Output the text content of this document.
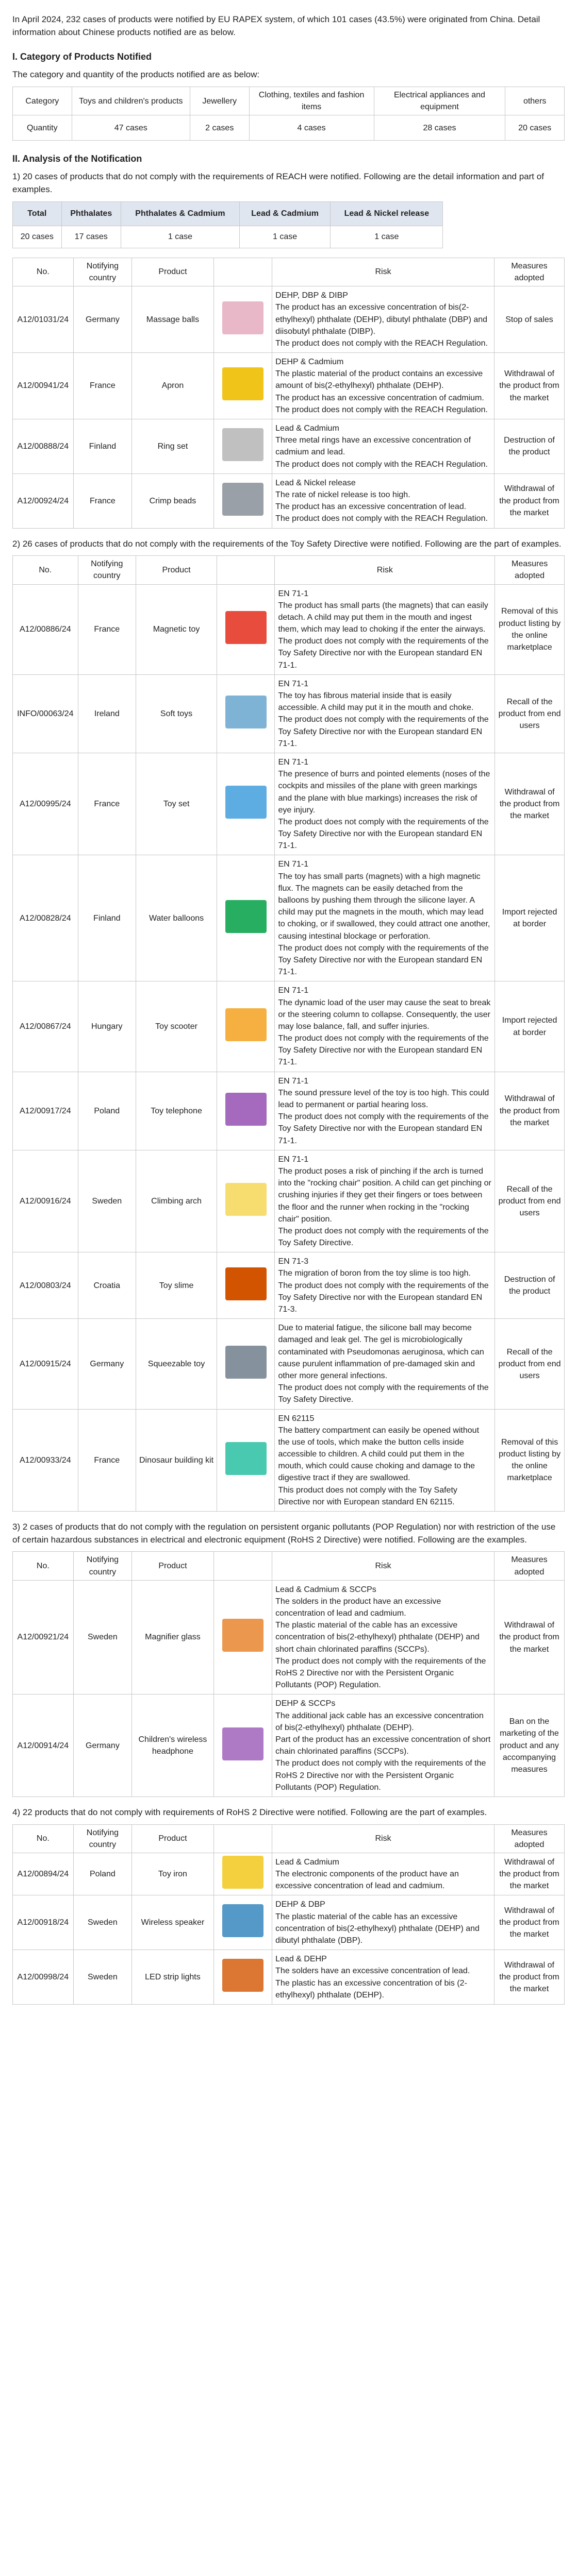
In April 2024, 232 cases of products were notified by EU RAPEX system, of which 101 cases (43.5%) were originated from China. Detail information about Chinese products notified are as below.

I. Category of Products Notified

The category and quantity of the products notified are as below:

Category	Toys and children's products	Jewellery	Clothing, textiles and fashion items	Electrical appliances and equipment	others
Quantity	47 cases	2 cases	4 cases	28 cases	20 cases
II. Analysis of the Notification

1) 20 cases of products that do not comply with the requirements of REACH were notified. Following are the detail information and part of examples.

Total	Phthalates	Phthalates & Cadmium	Lead & Cadmium	Lead & Nickel release
20 cases	17 cases	1 case	1 case	1 case
No.	Notifying country	Product		Risk	Measures adopted
A12/01031/24	Germany	Massage balls		DEHP, DBP & DIBP
The product has an excessive concentration of bis(2-ethylhexyl) phthalate (DEHP), dibutyl phthalate (DBP) and diisobutyl phthalate (DIBP).
The product does not comply with the REACH Regulation.	Stop of sales
A12/00941/24	France	Apron		DEHP & Cadmium
The plastic material of the product contains an excessive amount of bis(2-ethylhexyl) phthalate (DEHP).
The product has an excessive concentration of cadmium.
The product does not comply with the REACH Regulation.	Withdrawal of the product from the market
A12/00888/24	Finland	Ring set		Lead & Cadmium
Three metal rings have an excessive concentration of cadmium and lead.
The product does not comply with the REACH Regulation.	Destruction of the product
A12/00924/24	France	Crimp beads		Lead & Nickel release
The rate of nickel release is too high.
The product has an excessive concentration of lead.
The product does not comply with the REACH Regulation.	Withdrawal of the product from the market

2) 26 cases of products that do not comply with the requirements of the Toy Safety Directive were notified. Following are the part of examples.

No.	Notifying country	Product		Risk	Measures adopted
A12/00886/24	France	Magnetic toy		EN 71-1
The product has small parts (the magnets) that can easily detach. A child may put them in the mouth and ingest them, which may lead to choking if the enter the airways. The product does not comply with the requirements of the Toy Safety Directive nor with the European standard EN 71-1.	Removal of this product listing by the online marketplace
INFO/00063/24	Ireland	Soft toys		EN 71-1
The toy has fibrous material inside that is easily accessible. A child may put it in the mouth and choke.
The product does not comply with the requirements of the Toy Safety Directive nor with the European standard EN 71-1.	Recall of the product from end users
A12/00995/24	France	Toy set		EN 71-1
The presence of burrs and pointed elements (noses of the cockpits and missiles of the plane with green markings and the plane with blue markings) increases the risk of eye injury.
The product does not comply with the requirements of the Toy Safety Directive nor with the European standard EN 71-1.	Withdrawal of the product from the market
A12/00828/24	Finland	Water balloons		EN 71-1
The toy has small parts (magnets) with a high magnetic flux. The magnets can be easily detached from the balloons by pushing them through the silicone layer. A child may put the magnets in the mouth, which may lead to choking, or if swallowed, they could attract one another, causing intestinal blockage or perforation.
The product does not comply with the requirements of the Toy Safety Directive nor with the European standard EN 71-1.	Import rejected at border
A12/00867/24	Hungary	Toy scooter		EN 71-1
The dynamic load of the user may cause the seat to break or the steering column to collapse. Consequently, the user may lose balance, fall, and suffer injuries.
The product does not comply with the requirements of the Toy Safety Directive nor with the European standard EN 71-1.	Import rejected at border
A12/00917/24	Poland	Toy telephone		EN 71-1
The sound pressure level of the toy is too high. This could lead to permanent or partial hearing loss.
The product does not comply with the requirements of the Toy Safety Directive nor with the European standard EN 71-1.	Withdrawal of the product from the market
A12/00916/24	Sweden	Climbing arch		EN 71-1
The product poses a risk of pinching if the arch is turned into the "rocking chair" position. A child can get pinching or crushing injuries if they get their fingers or toes between the floor and the runner when rocking in the "rocking chair" position.
The product does not comply with the requirements of the Toy Safety Directive.	Recall of the product from end users
A12/00803/24	Croatia	Toy slime		EN 71-3
The migration of boron from the toy slime is too high.
The product does not comply with the requirements of the Toy Safety Directive nor with the European standard EN 71-3.	Destruction of the product
A12/00915/24	Germany	Squeezable toy		Due to material fatigue, the silicone ball may become damaged and leak gel. The gel is microbiologically contaminated with Pseudomonas aeruginosa, which can cause purulent inflammation of pre-damaged skin and other more general infections.
The product does not comply with the requirements of the Toy Safety Directive.	Recall of the product from end users
A12/00933/24	France	Dinosaur building kit		EN 62115
The battery compartment can easily be opened without the use of tools, which make the button cells inside accessible to children. A child could put them in the mouth, which could cause choking and damage to the digestive tract if they are swallowed.
This product does not comply with the Toy Safety Directive nor with European standard EN 62115.	Removal of this product listing by the online marketplace

3) 2 cases of products that do not comply with the regulation on persistent organic pollutants (POP Regulation) nor with restriction of the use of certain hazardous substances in electrical and electronic equipment (RoHS 2 Directive) were notified. Following are the examples.

No.	Notifying country	Product		Risk	Measures adopted
A12/00921/24	Sweden	Magnifier glass		Lead & Cadmium & SCCPs
The solders in the product have an excessive concentration of lead and cadmium.
The plastic material of the cable has an excessive concentration of bis(2-ethylhexyl) phthalate (DEHP) and short chain chlorinated paraffins (SCCPs).
The product does not comply with the requirements of the RoHS 2 Directive nor with the Persistent Organic Pollutants (POP) Regulation.	Withdrawal of the product from the market
A12/00914/24	Germany	Children's wireless headphone		DEHP & SCCPs
The additional jack cable has an excessive concentration of bis(2-ethylhexyl) phthalate (DEHP).
Part of the product has an excessive concentration of short chain chlorinated paraffins (SCCPs).
The product does not comply with the requirements of the RoHS 2 Directive nor with the Persistent Organic Pollutants (POP) Regulation.	Ban on the marketing of the product and any accompanying measures

4) 22 products that do not comply with requirements of RoHS 2 Directive were notified. Following are the part of examples.

No.	Notifying country	Product		Risk	Measures adopted
A12/00894/24	Poland	Toy iron		Lead & Cadmium
The electronic components of the product have an excessive concentration of lead and cadmium.	Withdrawal of the product from the market
A12/00918/24	Sweden	Wireless speaker		DEHP & DBP
The plastic material of the cable has an excessive concentration of bis(2-ethylhexyl) phthalate (DEHP) and dibutyl phthalate (DBP).	Withdrawal of the product from the market
A12/00998/24	Sweden	LED strip lights		Lead & DEHP
The solders have an excessive concentration of lead.
The plastic has an excessive concentration of bis (2-ethylhexyl) phthalate (DEHP).	Withdrawal of the product from the market
